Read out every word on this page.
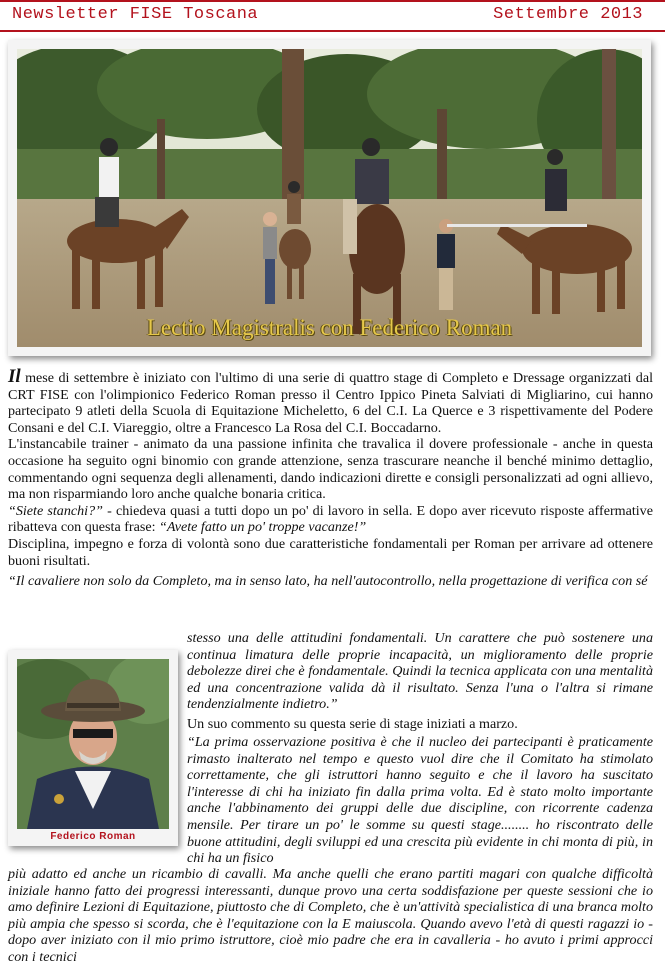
Newsletter FISE Toscana	Settembre 2013
Lectio Magistralis con Federico Roman
Il mese di settembre è iniziato con l'ultimo di una serie di quattro stage di Completo e Dressage organizzati dal CRT FISE con l'olimpionico Federico Roman presso il Centro Ippico Pineta Salviati di Migliarino, cui hanno partecipato 9 atleti della Scuola di Equitazione Micheletto, 6 del C.I. La Querce e 3 rispettivamente del Podere Consani e del C.I. Viareggio, oltre a Francesco La Rosa del C.I. Boccadarno.
L'instancabile trainer - animato da una passione infinita che travalica il dovere professionale - anche in questa occasione ha seguito ogni binomio con grande attenzione, senza trascurare neanche il benché minimo dettaglio, commentando ogni sequenza degli allenamenti, dando indicazioni dirette e consigli personalizzati ad ogni allievo, ma non risparmiando loro anche qualche bonaria critica.
“Siete stanchi?” - chiedeva quasi a tutti dopo un po' di lavoro in sella. E dopo aver ricevuto risposte affermative ribatteva con questa frase: “Avete fatto un po' troppe vacanze!”
Disciplina, impegno e forza di volontà sono due caratteristiche fondamentali per Roman per arrivare ad ottenere buoni risultati.
“Il cavaliere non solo da Completo, ma in senso lato, ha nell'autocontrollo, nella progettazione di verifica con sé
stesso una delle attitudini fondamentali. Un carattere che può sostenere una continua limatura delle proprie incapacità, un miglioramento delle proprie debolezze direi che è fondamentale. Quindi la tecnica applicata con una mentalità ed una concentrazione valida dà il risultato. Senza l'una o l'altra si rimane tendenzialmente indietro.”
Un suo commento su questa serie di stage iniziati a marzo.
“La prima osservazione positiva è che il nucleo dei partecipanti è praticamente rimasto inalterato nel tempo e questo vuol dire che il Comitato ha stimolato correttamente, che gli istruttori hanno seguito e che il lavoro ha suscitato l'interesse di chi ha iniziato fin dalla prima volta. Ed è stato molto importante anche l'abbinamento dei gruppi delle due discipline, con ricorrente cadenza mensile. Per tirare un po' le somme su questi stage........ ho riscontrato delle buone attitudini, degli sviluppi ed una crescita più evidente in chi monta di più, in chi ha un fisico
più adatto ed anche un ricambio di cavalli. Ma anche quelli che erano partiti magari con qualche difficoltà iniziale hanno fatto dei progressi interessanti, dunque provo una certa soddisfazione per queste sessioni che io amo definire Lezioni di Equitazione, piuttosto che di Completo, che è un'attività specialistica di una branca molto più ampia che spesso si scorda, che è l'equitazione con la E maiuscola. Quando avevo l'età di questi ragazzi io - dopo aver iniziato con il mio primo istruttore, cioè mio padre che era in cavalleria - ho avuto i primi approcci con i tecnici
Federico Roman
